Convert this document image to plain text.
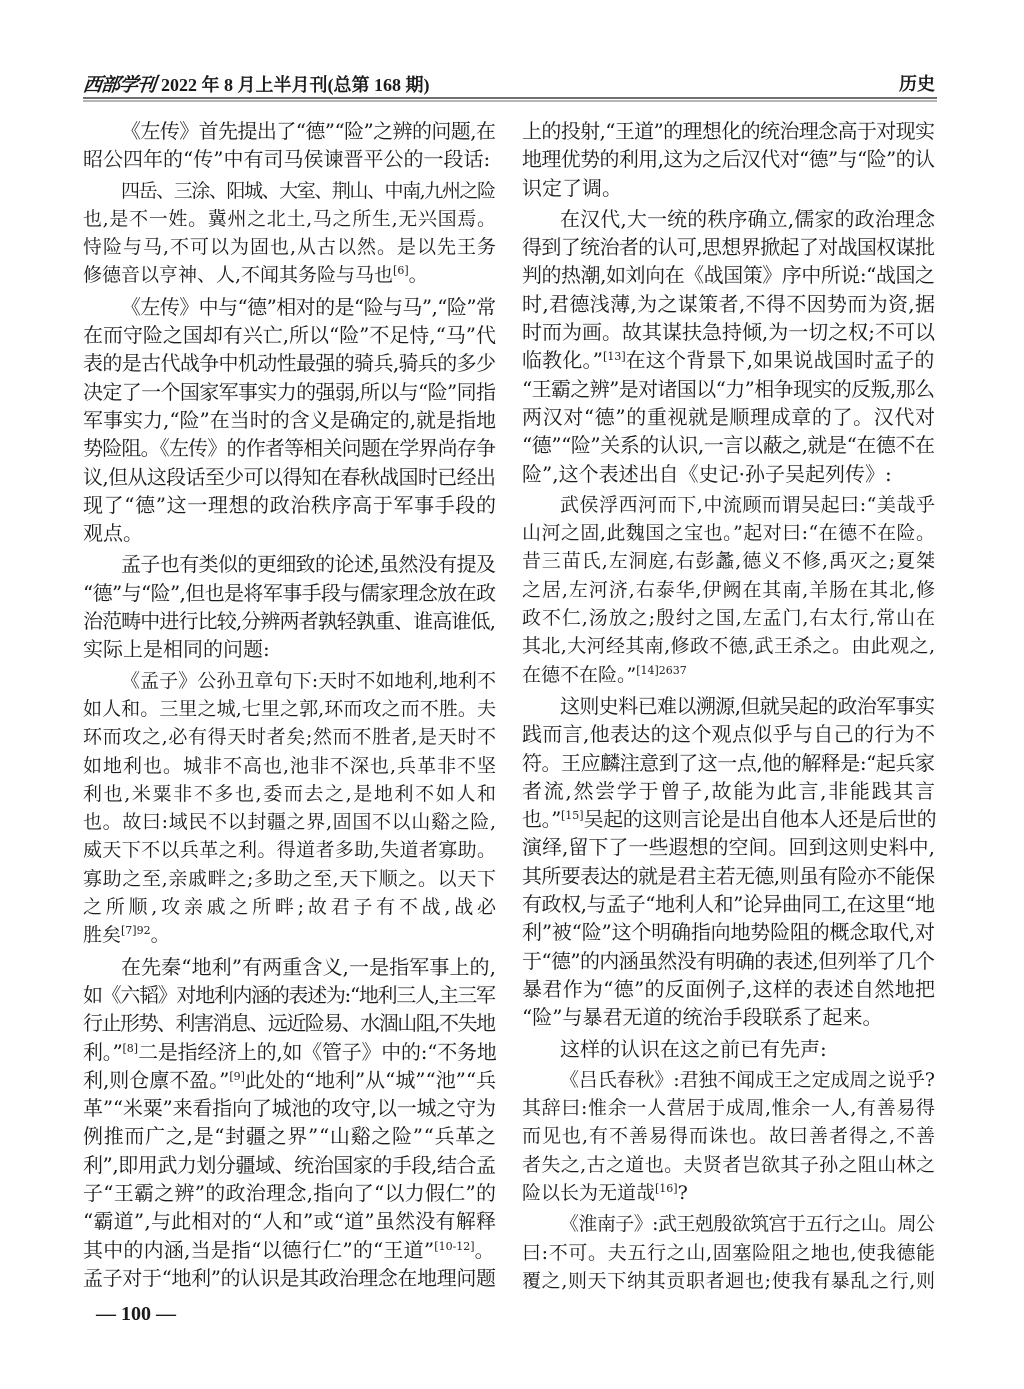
西部学刊 2022 年 8 月上半月刊(总第 168 期)	历史
《左传》首先提出了“德”“险”之辨的问题,在
昭公四年的“传”中有司马侯谏晋平公的一段话:
四岳、三涂、阳城、大室、荆山、中南,九州之险
也,是不一姓。冀州之北土,马之所生,无兴国焉。
恃险与马,不可以为固也,从古以然。是以先王务
修德音以亨神、人,不闻其务险与马也[6]。
《左传》中与“德”相对的是“险与马”,“险”常
在而守险之国却有兴亡,所以“险”不足恃,“马”代
表的是古代战争中机动性最强的骑兵,骑兵的多少
决定了一个国家军事实力的强弱,所以与“险”同指
军事实力,“险”在当时的含义是确定的,就是指地
势险阻。《左传》的作者等相关问题在学界尚存争
议,但从这段话至少可以得知在春秋战国时已经出
现了“德”这一理想的政治秩序高于军事手段的
观点。
孟子也有类似的更细致的论述,虽然没有提及
“德”与“险”,但也是将军事手段与儒家理念放在政
治范畴中进行比较,分辨两者孰轻孰重、谁高谁低,
实际上是相同的问题:
《孟子》公孙丑章句下:天时不如地利,地利不
如人和。三里之城,七里之郭,环而攻之而不胜。夫
环而攻之,必有得天时者矣;然而不胜者,是天时不
如地利也。城非不高也,池非不深也,兵革非不坚
利也,米粟非不多也,委而去之,是地利不如人和
也。故曰:域民不以封疆之界,固国不以山谿之险,
威天下不以兵革之利。得道者多助,失道者寡助。
寡助之至,亲戚畔之;多助之至,天下顺之。以天下
之所顺,攻亲戚之所畔;故君子有不战,战必
胜矣$^{[7]92}$。
在先秦“地利”有两重含义,一是指军事上的,
如《六韬》对地利内涵的表述为:“地利三人,主三军
行止形势、利害消息、远近险易、水涸山阻,不失地
利。”[8]二是指经济上的,如《管子》中的:“不务地
利,则仓廪不盈。”[9]此处的“地利”从“城”“池”“兵
革”“米粟”来看指向了城池的攻守,以一城之守为
例推而广之,是“封疆之界”“山谿之险”“兵革之
利”,即用武力划分疆域、统治国家的手段,结合孟
子“王霸之辨”的政治理念,指向了“以力假仁”的
“霸道”,与此相对的“人和”或“道”虽然没有解释
其中的内涵,当是指“以德行仁”的“王道”[10-12]。
孟子对于“地利”的认识是其政治理念在地理问题
上的投射,“王道”的理想化的统治理念高于对现实
地理优势的利用,这为之后汉代对“德”与“险”的认
识定了调。
在汉代,大一统的秩序确立,儒家的政治理念
得到了统治者的认可,思想界掀起了对战国权谋批
判的热潮,如刘向在《战国策》序中所说:“战国之
时,君德浅薄,为之谋策者,不得不因势而为资,据
时而为画。故其谋扶急持倾,为一切之权;不可以
临教化。”[13]在这个背景下,如果说战国时孟子的
“王霸之辨”是对诸国以“力”相争现实的反叛,那么
两汉对“德”的重视就是顺理成章的了。汉代对
“德”“险”关系的认识,一言以蔽之,就是“在德不在
险”,这个表述出自《史记·孙子吴起列传》:
武侯浮西河而下,中流顾而谓吴起曰:“美哉乎
山河之固,此魏国之宝也。”起对曰:“在德不在险。
昔三苗氏,左洞庭,右彭蠡,德义不修,禹灭之;夏桀
之居,左河济,右泰华,伊阙在其南,羊肠在其北,修
政不仁,汤放之;殷纣之国,左孟门,右太行,常山在
其北,大河经其南,修政不德,武王杀之。由此观之,
在德不在险。”$^{[14]2637}$
这则史料已难以溯源,但就吴起的政治军事实
践而言,他表达的这个观点似乎与自己的行为不
符。王应麟注意到了这一点,他的解释是:“起兵家
者流,然尝学于曾子,故能为此言,非能践其言
也。”[15]吴起的这则言论是出自他本人还是后世的
演绎,留下了一些遐想的空间。回到这则史料中,
其所要表达的就是君主若无德,则虽有险亦不能保
有政权,与孟子“地利人和”论异曲同工,在这里“地
利”被“险”这个明确指向地势险阻的概念取代,对
于“德”的内涵虽然没有明确的表述,但列举了几个
暴君作为“德”的反面例子,这样的表述自然地把
“险”与暴君无道的统治手段联系了起来。
这样的认识在这之前已有先声:
《吕氏春秋》:君独不闻成王之定成周之说乎?
其辞曰:惟余一人营居于成周,惟余一人,有善易得
而见也,有不善易得而诛也。故曰善者得之,不善
者失之,古之道也。夫贤者岂欲其子孙之阻山林之
险以长为无道哉[16]?
《淮南子》:武王剋殷欲筑宫于五行之山。周公
曰:不可。夫五行之山,固塞险阻之地也,使我德能
覆之,则天下纳其贡职者迴也;使我有暴乱之行,则
— 100 —
